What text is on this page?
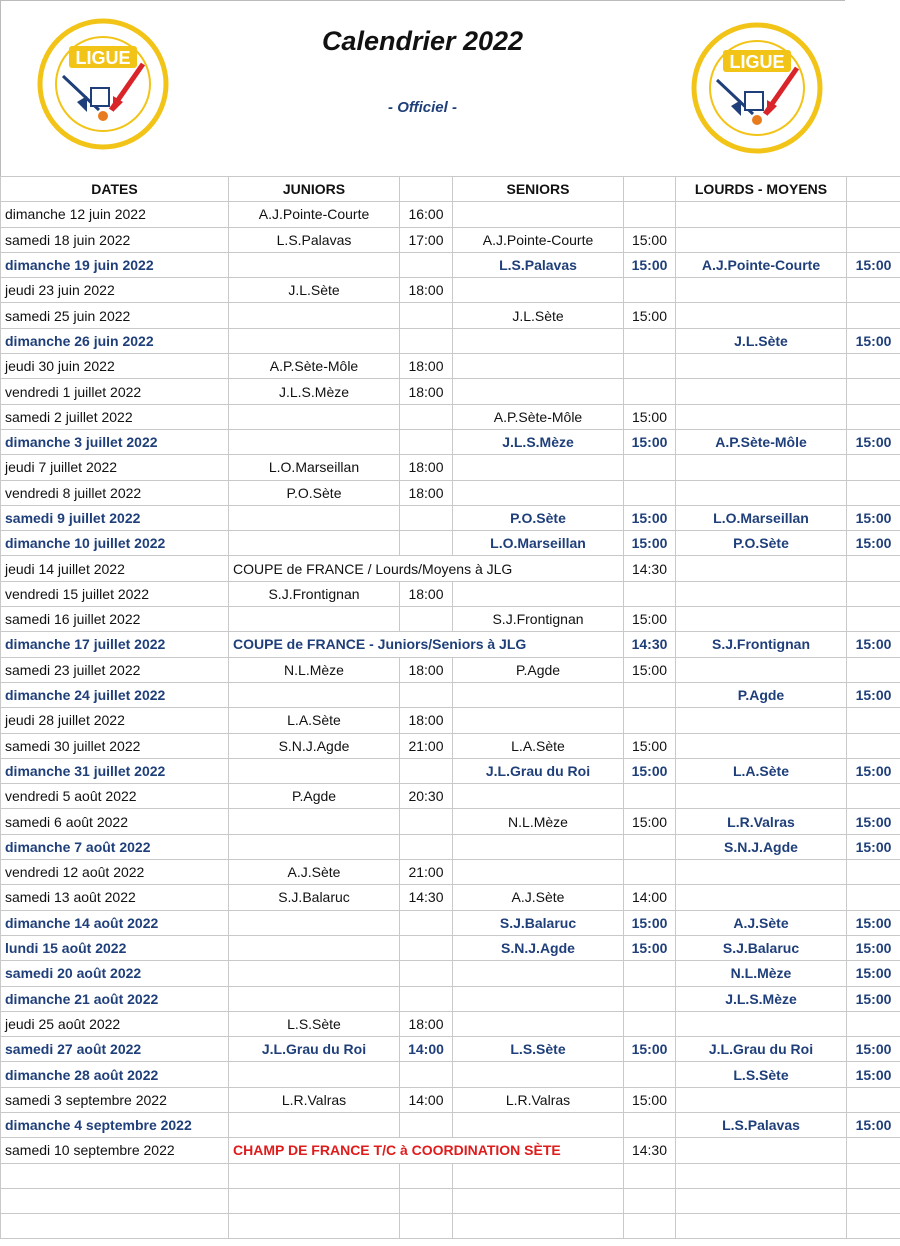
LIGUE
Calendrier 2022
- Officiel -
LIGUE
DATES	JUNIORS		SENIORS		LOURDS - MOYENS	
dimanche 12 juin 2022	A.J.Pointe-Courte	16:00				
samedi 18 juin 2022	L.S.Palavas	17:00	A.J.Pointe-Courte	15:00		
dimanche 19 juin 2022			L.S.Palavas	15:00	A.J.Pointe-Courte	15:00
jeudi 23 juin 2022	J.L.Sète	18:00				
samedi 25 juin 2022			J.L.Sète	15:00		
dimanche 26 juin 2022					J.L.Sète	15:00
jeudi 30 juin 2022	A.P.Sète-Môle	18:00				
vendredi 1 juillet 2022	J.L.S.Mèze	18:00				
samedi 2 juillet 2022			A.P.Sète-Môle	15:00		
dimanche 3 juillet 2022			J.L.S.Mèze	15:00	A.P.Sète-Môle	15:00
jeudi 7 juillet 2022	L.O.Marseillan	18:00				
vendredi 8 juillet 2022	P.O.Sète	18:00				
samedi 9 juillet 2022			P.O.Sète	15:00	L.O.Marseillan	15:00
dimanche 10 juillet 2022			L.O.Marseillan	15:00	P.O.Sète	15:00
jeudi 14 juillet 2022	COUPE de FRANCE / Lourds/Moyens à JLG			14:30		
vendredi 15 juillet 2022	S.J.Frontignan	18:00				
samedi 16 juillet 2022			S.J.Frontignan	15:00		
dimanche 17 juillet 2022	COUPE de FRANCE - Juniors/Seniors à JLG			14:30	S.J.Frontignan	15:00
samedi 23 juillet 2022	N.L.Mèze	18:00	P.Agde	15:00		
dimanche 24 juillet 2022					P.Agde	15:00
jeudi 28 juillet 2022	L.A.Sète	18:00				
samedi 30 juillet 2022	S.N.J.Agde	21:00	L.A.Sète	15:00		
dimanche 31 juillet 2022			J.L.Grau du Roi	15:00	L.A.Sète	15:00
vendredi 5 août 2022	P.Agde	20:30				
samedi 6 août 2022			N.L.Mèze	15:00	L.R.Valras	15:00
dimanche 7 août 2022					S.N.J.Agde	15:00
vendredi 12 août 2022	A.J.Sète	21:00				
samedi 13 août 2022	S.J.Balaruc	14:30	A.J.Sète	14:00		
dimanche 14 août 2022			S.J.Balaruc	15:00	A.J.Sète	15:00
lundi 15 août 2022			S.N.J.Agde	15:00	S.J.Balaruc	15:00
samedi 20 août 2022					N.L.Mèze	15:00
dimanche 21 août 2022					J.L.S.Mèze	15:00
jeudi 25 août 2022	L.S.Sète	18:00				
samedi 27 août 2022	J.L.Grau du Roi	14:00	L.S.Sète	15:00	J.L.Grau du Roi	15:00
dimanche 28 août 2022					L.S.Sète	15:00
samedi 3 septembre 2022	L.R.Valras	14:00	L.R.Valras	15:00		
dimanche 4 septembre 2022					L.S.Palavas	15:00
samedi 10 septembre 2022	CHAMP DE FRANCE T/C à COORDINATION SÈTE			14:30		
